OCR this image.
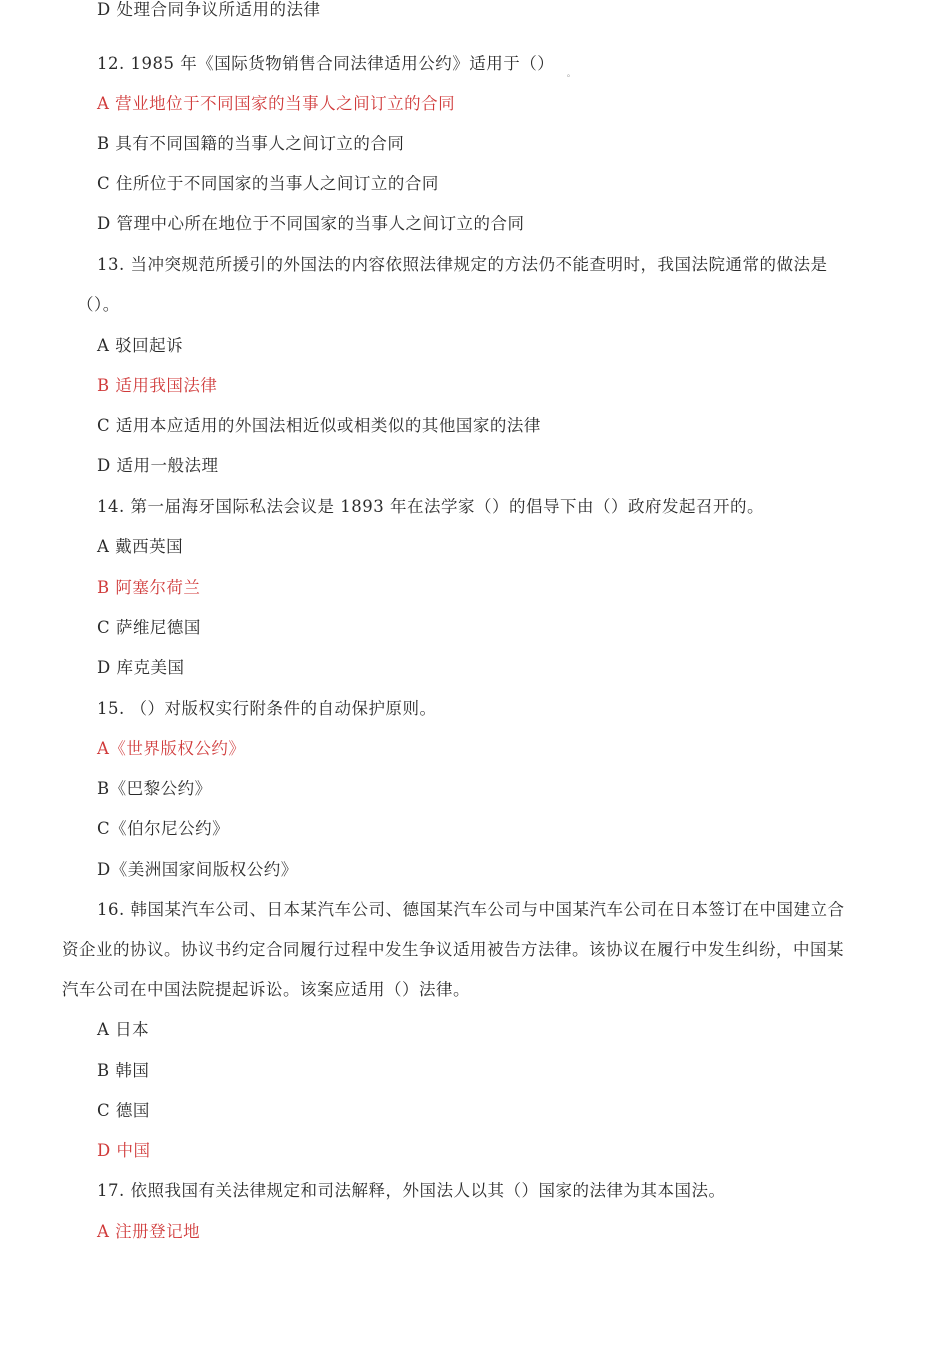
D 处理合同争议所适用的法律
12. 1985 年《国际货物销售合同法律适用公约》适用于（）
。
A 营业地位于不同国家的当事人之间订立的合同
B 具有不同国籍的当事人之间订立的合同
C 住所位于不同国家的当事人之间订立的合同
D 管理中心所在地位于不同国家的当事人之间订立的合同
13. 当冲突规范所援引的外国法的内容依照法律规定的方法仍不能查明时，我国法院通常的做法是
（）。
A 驳回起诉
B 适用我国法律
C 适用本应适用的外国法相近似或相类似的其他国家的法律
D 适用一般法理
14. 第一届海牙国际私法会议是 1893 年在法学家（）的倡导下由（）政府发起召开的。
A 戴西英国
B 阿塞尔荷兰
C 萨维尼德国
D 库克美国
15. （）对版权实行附条件的自动保护原则。
A《世界版权公约》
B《巴黎公约》
C《伯尔尼公约》
D《美洲国家间版权公约》
16. 韩国某汽车公司、日本某汽车公司、德国某汽车公司与中国某汽车公司在日本签订在中国建立合
资企业的协议。协议书约定合同履行过程中发生争议适用被告方法律。该协议在履行中发生纠纷，中国某
汽车公司在中国法院提起诉讼。该案应适用（）法律。
A 日本
B 韩国
C 德国
D 中国
17. 依照我国有关法律规定和司法解释，外国法人以其（）国家的法律为其本国法。
A 注册登记地
